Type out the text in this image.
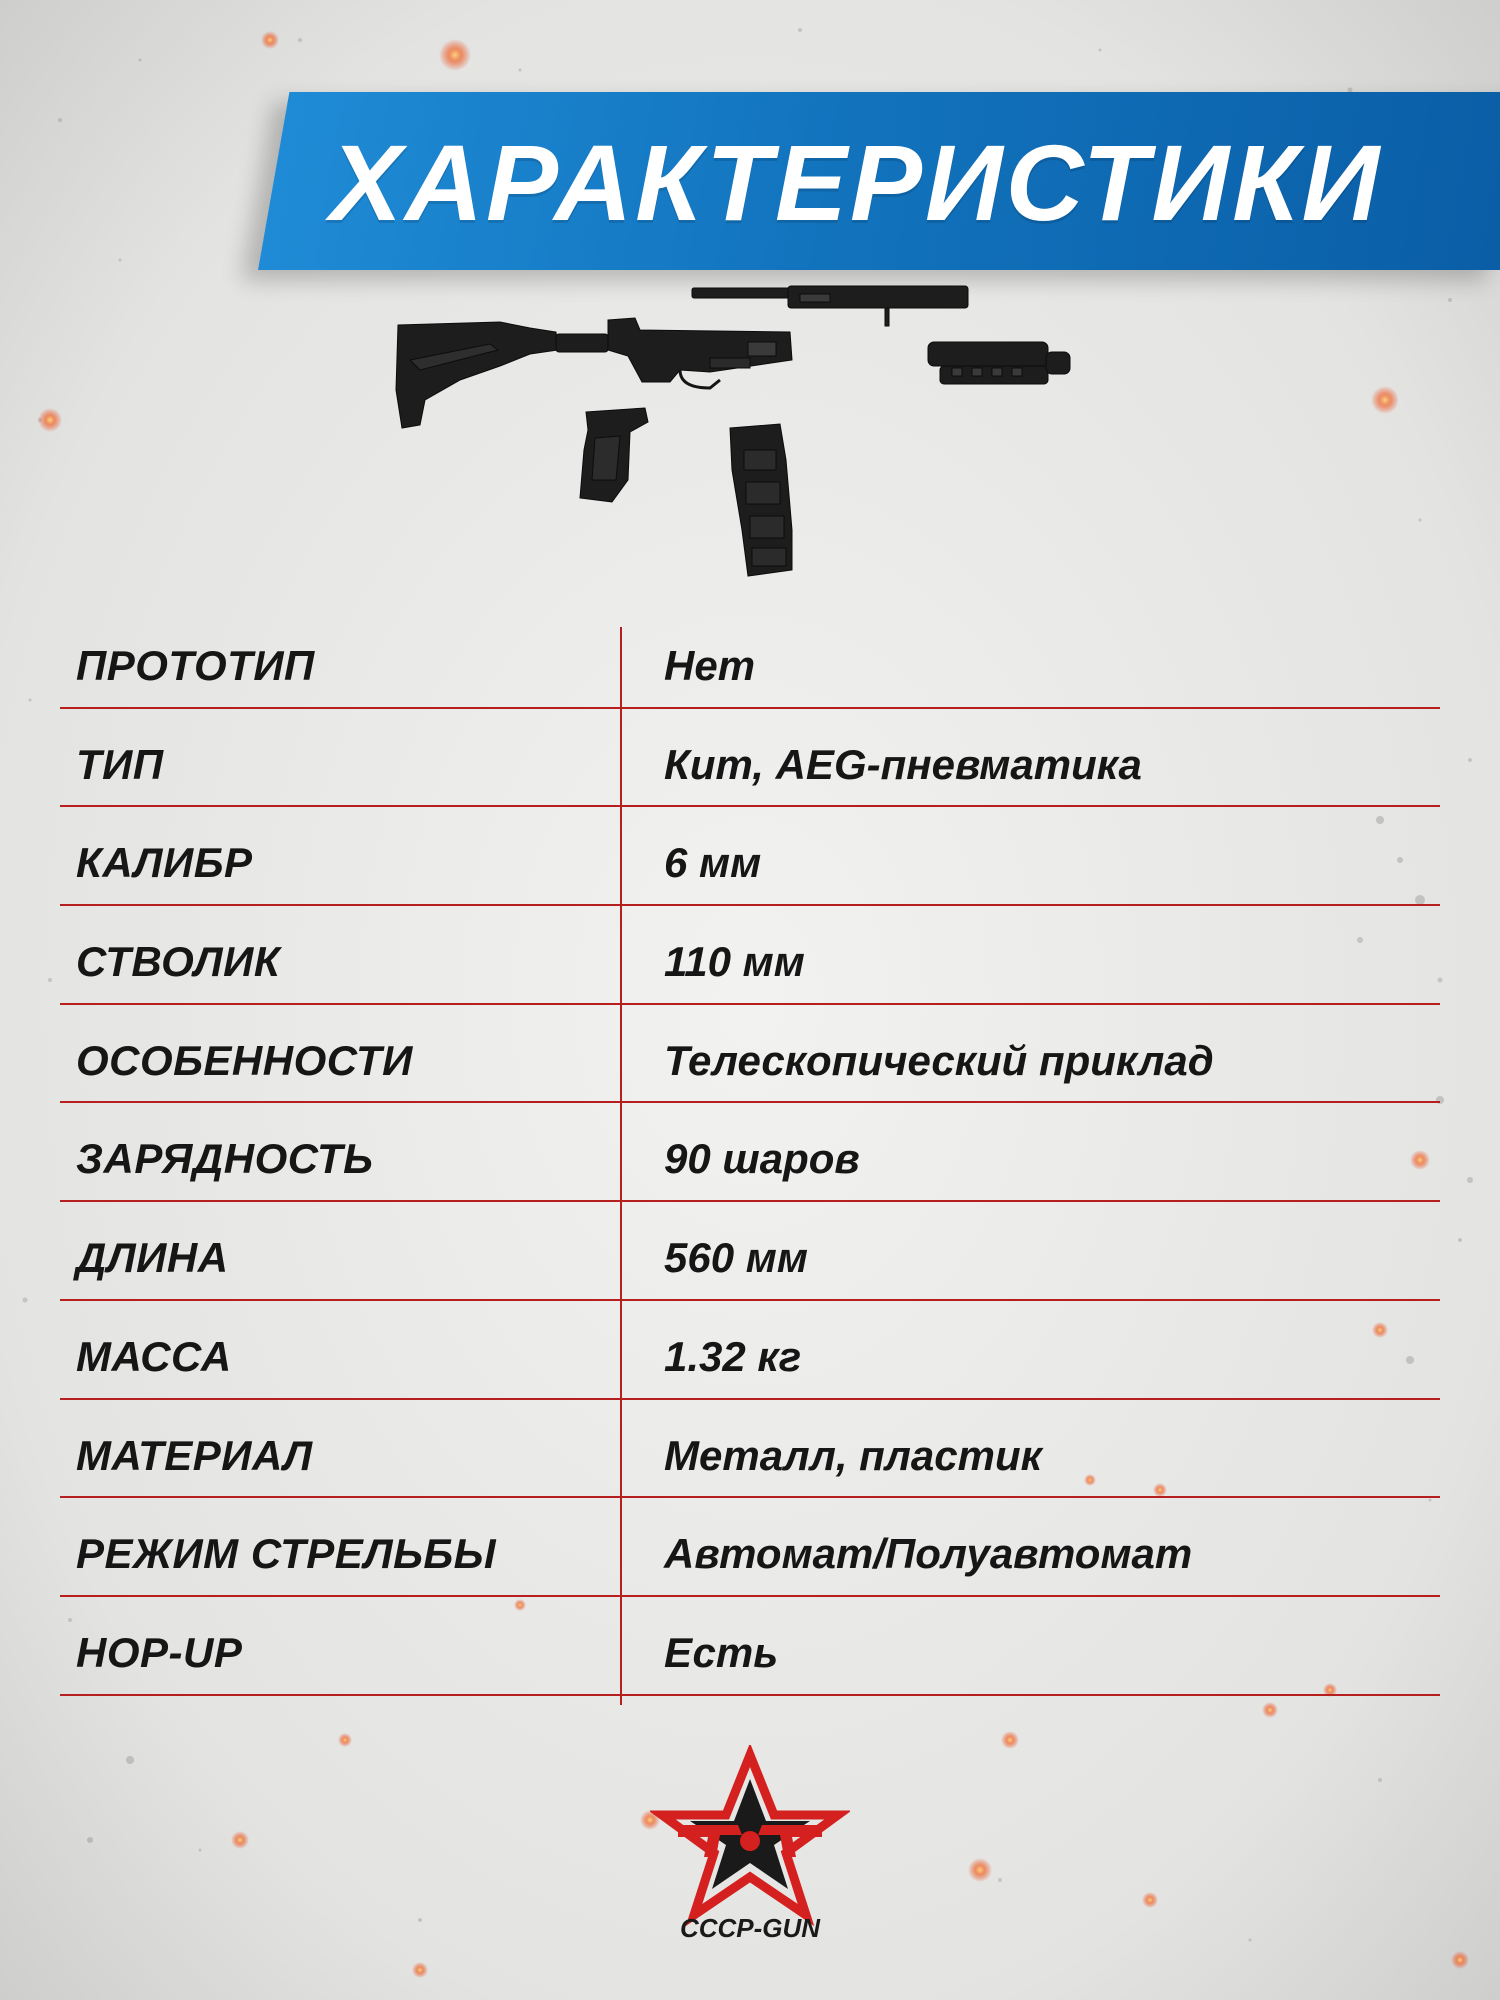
ХАРАКТЕРИСТИКИ
ПРОТОТИП	Нет
ТИП	Кит, AEG-пневматика
КАЛИБР	6 мм
СТВОЛИК	110 мм
ОСОБЕННОСТИ	Телескопический приклад
ЗАРЯДНОСТЬ	90 шаров
ДЛИНА	560 мм
МАССА	1.32 кг
МАТЕРИАЛ	Металл, пластик
РЕЖИМ СТРЕЛЬБЫ	Автомат/Полуавтомат
HOP-UP	Есть
CCCP-GUN
